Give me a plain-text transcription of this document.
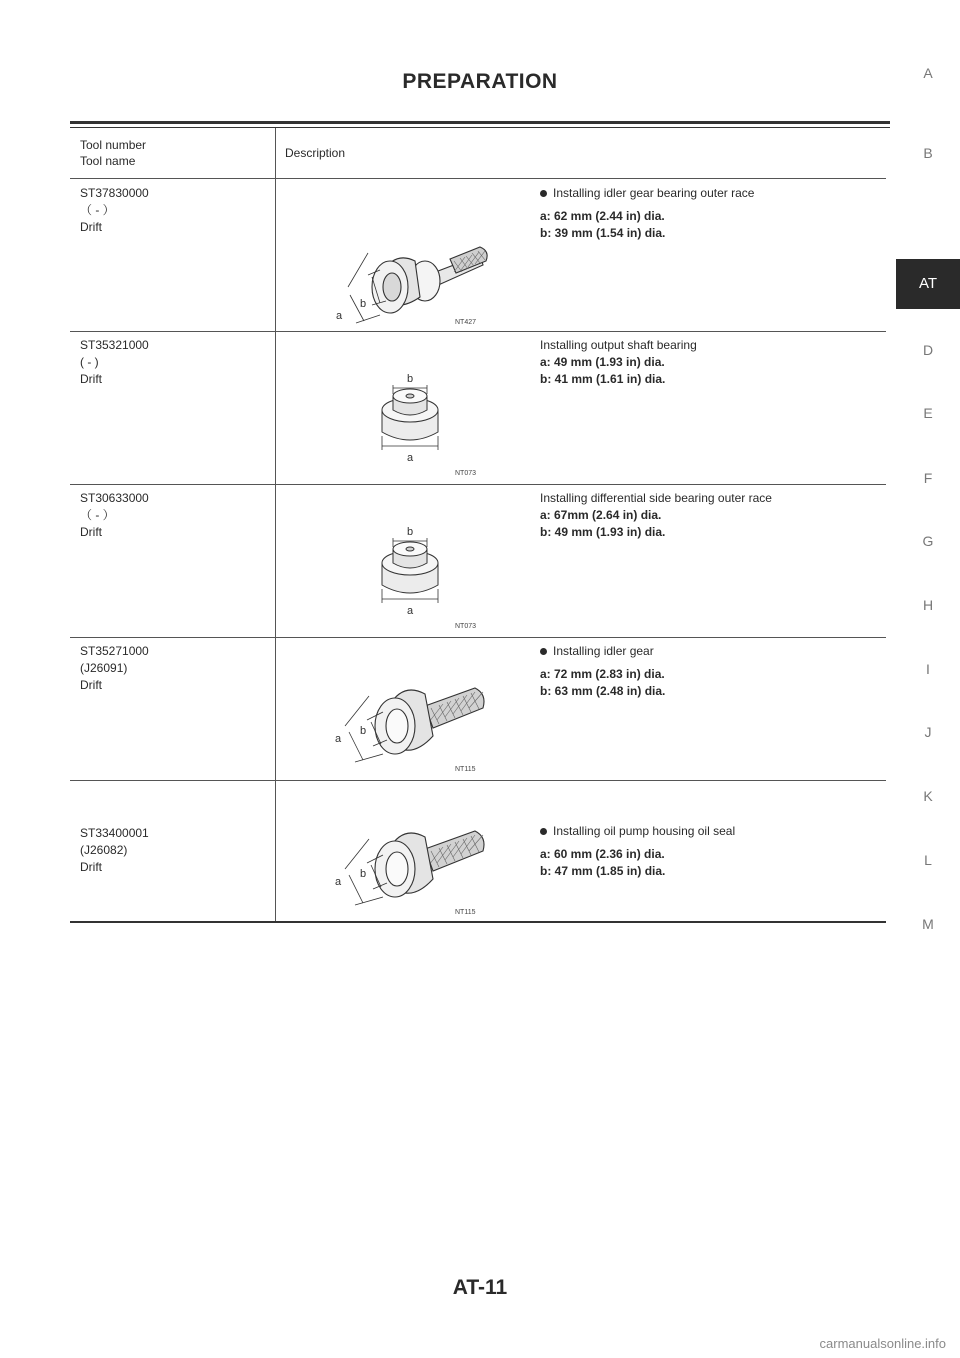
PREPARATION
Tool number
Tool name
Description
ST37830000
（ - ）
Drift
a
b
NT427
Installing idler gear bearing outer race
a: 62 mm (2.44 in) dia.
b: 39 mm (1.54 in) dia.
ST35321000
( - )
Drift	b
a
NT073
Installing output shaft bearing
a: 49 mm (1.93 in) dia.
b: 41 mm (1.61 in) dia.
ST30633000
（ - ）
Drift	b
a
NT073
Installing differential side bearing outer race
a: 67mm (2.64 in) dia.
b: 49 mm (1.93 in) dia.
ST35271000
(J26091)
Drift
a
b
NT115
Installing idler gear
a: 72 mm (2.83 in) dia.
b: 63 mm (2.48 in) dia.
ST33400001
(J26082)
Drift
a
b
NT115
Installing oil pump housing oil seal
a: 60 mm (2.36 in) dia.
b: 47 mm (1.85 in) dia.
A
B
AT
D
E
F
G
H
I
J
K
L
M
AT-11
carmanualsonline.info
